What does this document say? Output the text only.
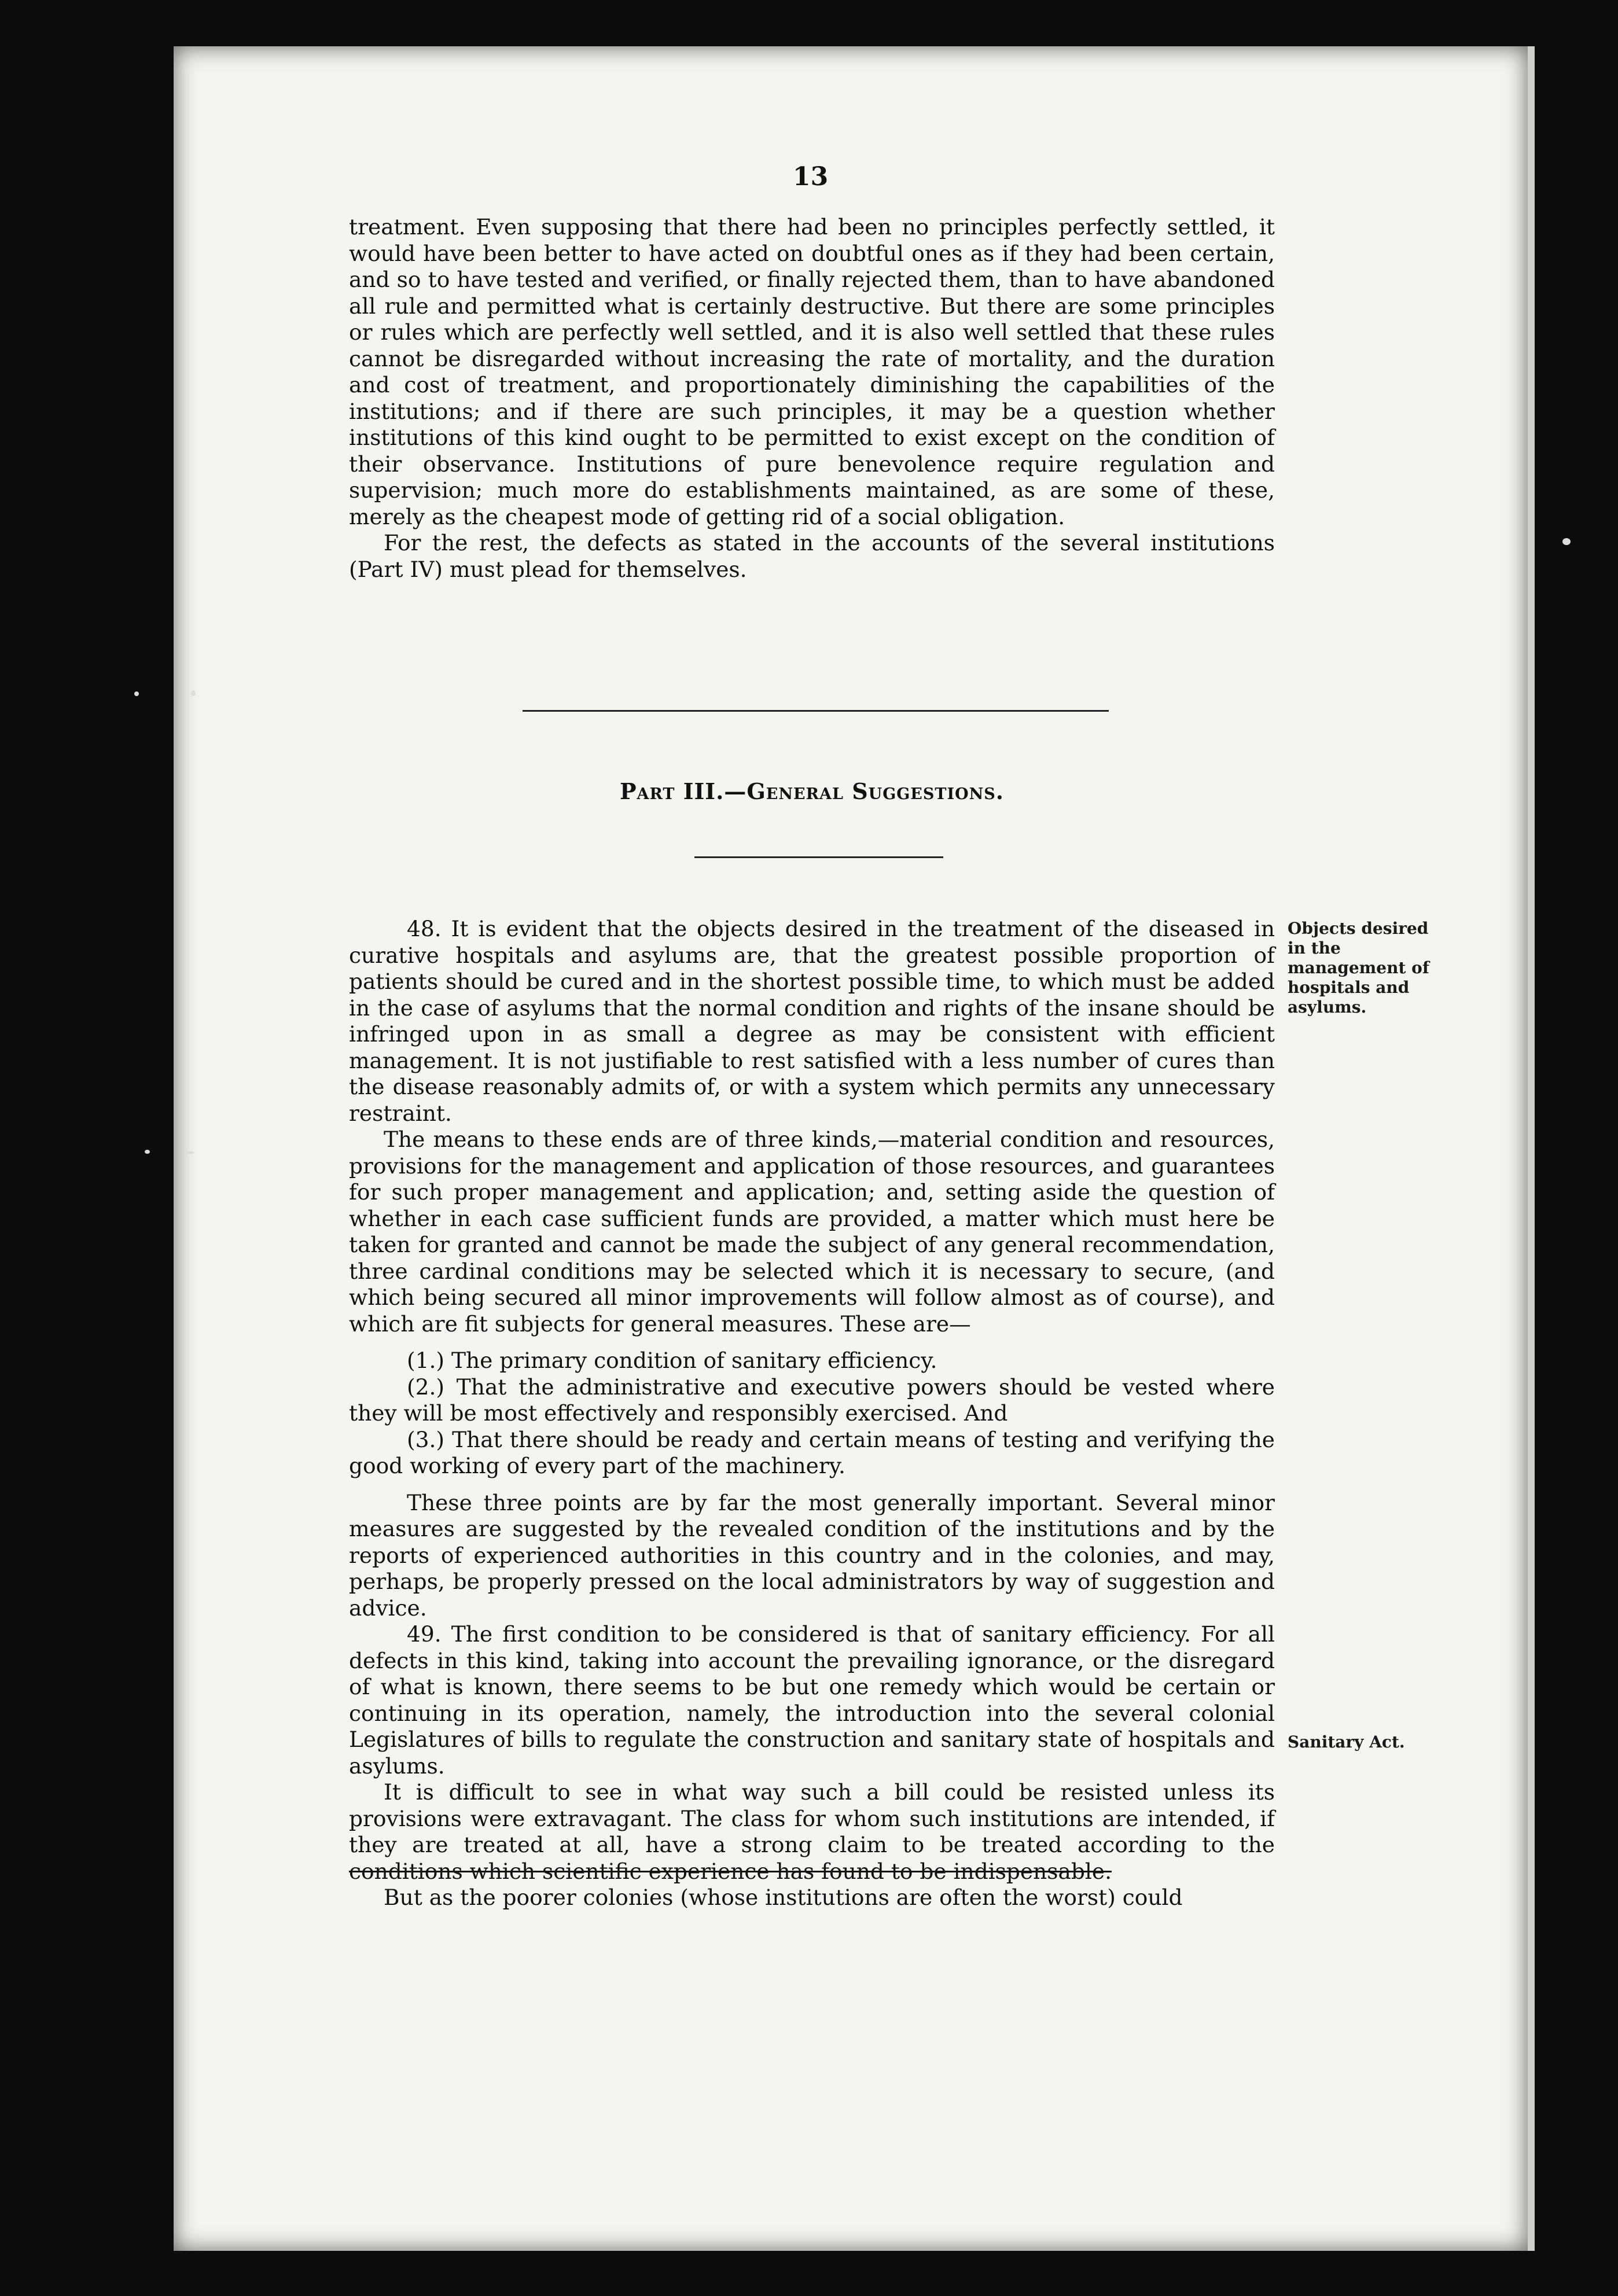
13

treatment. Even supposing that there had been no principles perfectly settled, it would have been better to have acted on doubtful ones as if they had been certain, and so to have tested and verified, or finally rejected them, than to have abandoned all rule and permitted what is certainly destructive. But there are some principles or rules which are perfectly well settled, and it is also well settled that these rules cannot be disregarded without increasing the rate of mortality, and the duration and cost of treatment, and proportionately diminishing the capabilities of the institutions; and if there are such principles, it may be a question whether institutions of this kind ought to be permitted to exist except on the condition of their observance. Institutions of pure benevolence require regulation and supervision; much more do establishments maintained, as are some of these, merely as the cheapest mode of getting rid of a social obligation.

For the rest, the defects as stated in the accounts of the several institutions (Part IV) must plead for themselves.

Part III.—General Suggestions.

48. It is evident that the objects desired in the treatment of the diseased in curative hospitals and asylums are, that the greatest possible proportion of patients should be cured and in the shortest possible time, to which must be added in the case of asylums that the normal condition and rights of the insane should be infringed upon in as small a degree as may be consistent with efficient management. It is not justifiable to rest satisfied with a less number of cures than the disease reasonably admits of, or with a system which permits any unnecessary restraint.

The means to these ends are of three kinds,—material condition and resources, provisions for the management and application of those resources, and guarantees for such proper management and application; and, setting aside the question of whether in each case sufficient funds are provided, a matter which must here be taken for granted and cannot be made the subject of any general recommendation, three cardinal conditions may be selected which it is necessary to secure, (and which being secured all minor improvements will follow almost as of course), and which are fit subjects for general measures. These are—

(1.) The primary condition of sanitary efficiency.

(2.) That the administrative and executive powers should be vested where they will be most effectively and responsibly exercised. And

(3.) That there should be ready and certain means of testing and verifying the good working of every part of the machinery.

These three points are by far the most generally important. Several minor measures are suggested by the revealed condition of the institutions and by the reports of experienced authorities in this country and in the colonies, and may, perhaps, be properly pressed on the local administrators by way of suggestion and advice.

49. The first condition to be considered is that of sanitary efficiency. For all defects in this kind, taking into account the prevailing ignorance, or the disregard of what is known, there seems to be but one remedy which would be certain or continuing in its operation, namely, the introduction into the several colonial Legislatures of bills to regulate the construction and sanitary state of hospitals and asylums.

It is difficult to see in what way such a bill could be resisted unless its provisions were extravagant. The class for whom such institutions are intended, if they are treated at all, have a strong claim to be treated according to the conditions which scientific experience has found to be indispensable.

But as the poorer colonies (whose institutions are often the worst) could

Objects desired in the management of hospitals and asylums.
Sanitary Act.
